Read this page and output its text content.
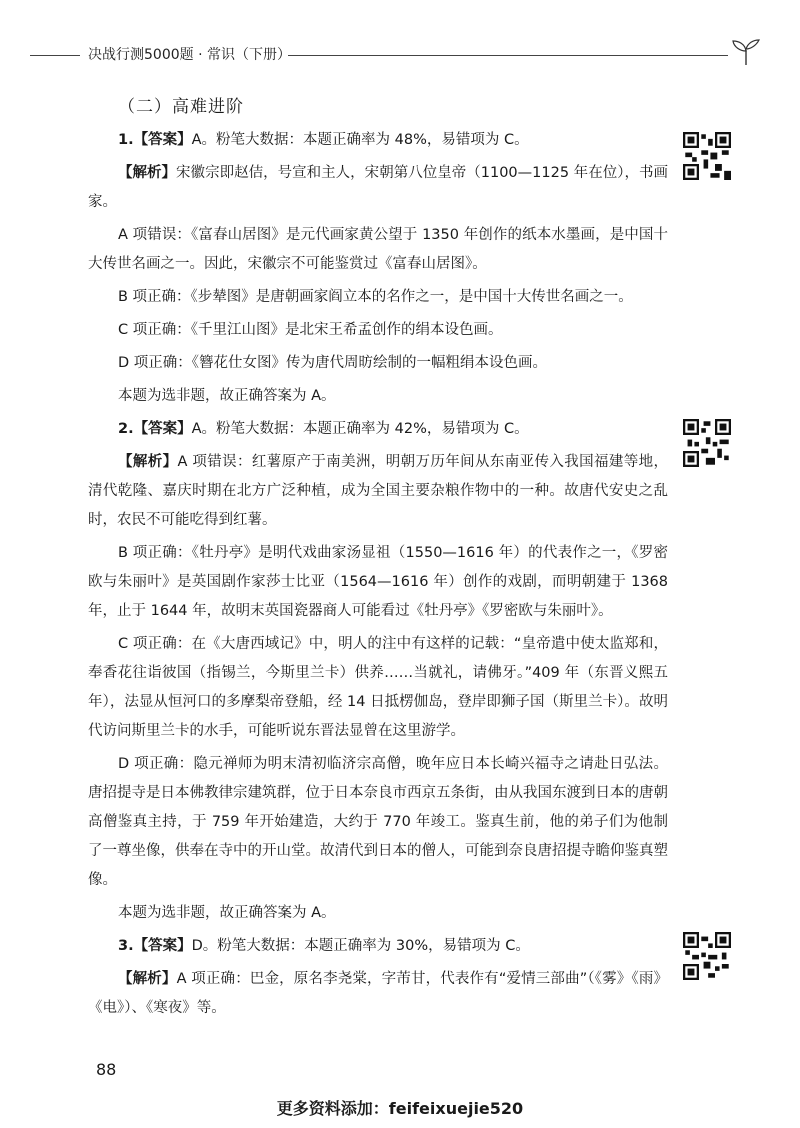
决战行测5000题 · 常识（下册）
（二）高难进阶

1.【答案】A。粉笔大数据：本题正确率为 48%，易错项为 C。

【解析】宋徽宗即赵佶，号宣和主人，宋朝第八位皇帝（1100—1125 年在位），书画家。

A 项错误：《富春山居图》是元代画家黄公望于 1350 年创作的纸本水墨画，是中国十大传世名画之一。因此，宋徽宗不可能鉴赏过《富春山居图》。

B 项正确：《步辇图》是唐朝画家阎立本的名作之一，是中国十大传世名画之一。

C 项正确：《千里江山图》是北宋王希孟创作的绢本设色画。

D 项正确：《簪花仕女图》传为唐代周昉绘制的一幅粗绢本设色画。

本题为选非题，故正确答案为 A。

2.【答案】A。粉笔大数据：本题正确率为 42%，易错项为 C。

【解析】A 项错误：红薯原产于南美洲，明朝万历年间从东南亚传入我国福建等地，清代乾隆、嘉庆时期在北方广泛种植，成为全国主要杂粮作物中的一种。故唐代安史之乱时，农民不可能吃得到红薯。

B 项正确：《牡丹亭》是明代戏曲家汤显祖（1550—1616 年）的代表作之一，《罗密欧与朱丽叶》是英国剧作家莎士比亚（1564—1616 年）创作的戏剧，而明朝建于 1368 年，止于 1644 年，故明末英国瓷器商人可能看过《牡丹亭》《罗密欧与朱丽叶》。

C 项正确：在《大唐西域记》中，明人的注中有这样的记载：“皇帝遣中使太监郑和，奉香花往诣彼国（指锡兰，今斯里兰卡）供养……当就礼，请佛牙。”409 年（东晋义熙五年），法显从恒河口的多摩梨帝登船，经 14 日抵楞伽岛，登岸即狮子国（斯里兰卡）。故明代访问斯里兰卡的水手，可能听说东晋法显曾在这里游学。

D 项正确：隐元禅师为明末清初临济宗高僧，晚年应日本长崎兴福寺之请赴日弘法。唐招提寺是日本佛教律宗建筑群，位于日本奈良市西京五条街，由从我国东渡到日本的唐朝高僧鉴真主持，于 759 年开始建造，大约于 770 年竣工。鉴真生前，他的弟子们为他制了一尊坐像，供奉在寺中的开山堂。故清代到日本的僧人，可能到奈良唐招提寺瞻仰鉴真塑像。

本题为选非题，故正确答案为 A。

3.【答案】D。粉笔大数据：本题正确率为 30%，易错项为 C。

【解析】A 项正确：巴金，原名李尧棠，字芾甘，代表作有“爱情三部曲”（《雾》《雨》《电》）、《寒夜》等。

88
更多资料添加：feifeixuejie520
